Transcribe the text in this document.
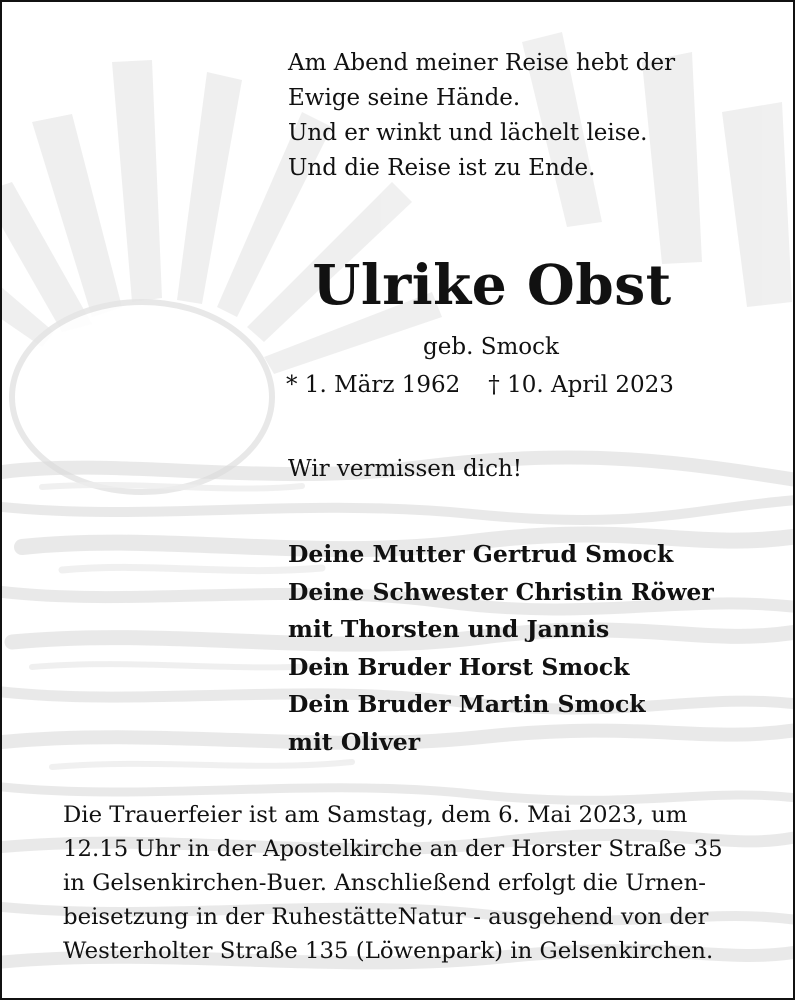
Am Abend meiner Reise hebt der
Ewige seine Hände.
Und er winkt und lächelt leise.
Und die Reise ist zu Ende.
Ulrike Obst
geb. Smock
* 1. März 1962 † 10. April 2023
Wir vermissen dich!
Deine Mutter Gertrud Smock
Deine Schwester Christin Röwer
mit Thorsten und Jannis
Dein Bruder Horst Smock
Dein Bruder Martin Smock
mit Oliver
Die Trauerfeier ist am Samstag, dem 6. Mai 2023, um
12.15 Uhr in der Apostelkirche an der Horster Straße 35
in Gelsenkirchen-Buer. Anschließend erfolgt die Urnen-
beisetzung in der RuhestätteNatur - ausgehend von der
Westerholter Straße 135 (Löwenpark) in Gelsenkirchen.
